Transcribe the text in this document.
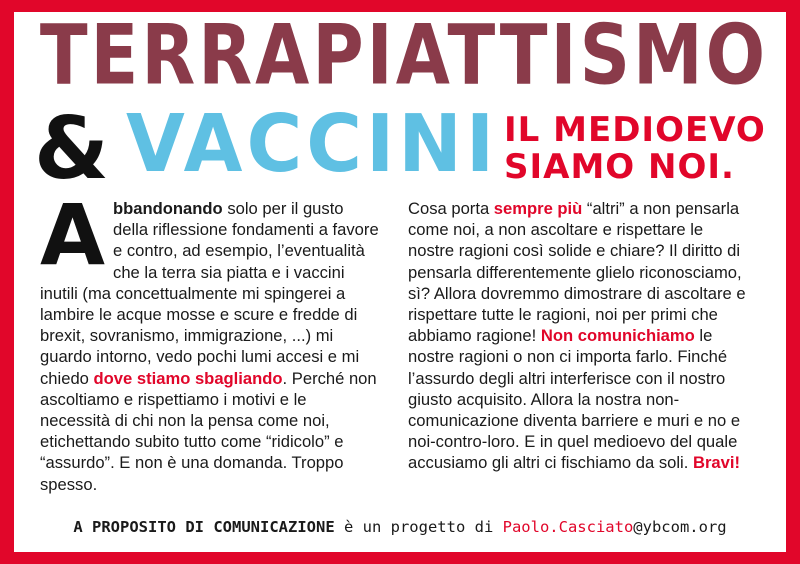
TERRAPIATTISMO
& VACCINI IL MEDIOEVO
SIAMO NOI.
Abbandonando solo per il gusto della riflessione fondamenti a favore e contro, ad esempio, l’eventualità che la terra sia piatta e i vaccini inutili (ma concettualmente mi spingerei a lambire le acque mosse e scure e fredde di brexit, sovranismo, immigrazione, ...) mi guardo intorno, vedo pochi lumi accesi e mi chiedo dove stiamo sbagliando. Perché non ascoltiamo e rispettiamo i motivi e le necessità di chi non la pensa come noi, etichettando subito tutto come “ridicolo” e “assurdo”. E non è una domanda. Troppo spesso.
Cosa porta sempre più “altri” a non pensarla come noi, a non ascoltare e rispettare le nostre ragioni così solide e chiare? Il diritto di pensarla differentemente glielo riconosciamo, sì? Allora dovremmo dimostrare di ascoltare e rispettare tutte le ragioni, noi per primi che abbiamo ragione! Non comunichiamo le nostre ragioni o non ci importa farlo. Finché l’assurdo degli altri interferisce con il nostro giusto acquisito. Allora la nostra non-comunicazione diventa barriere e muri e no e noi-contro-loro. E in quel medioevo del quale accusiamo gli altri ci fischiamo da soli. Bravi!
A PROPOSITO DI COMUNICAZIONE è un progetto di Paolo.Casciato@ybcom.org
